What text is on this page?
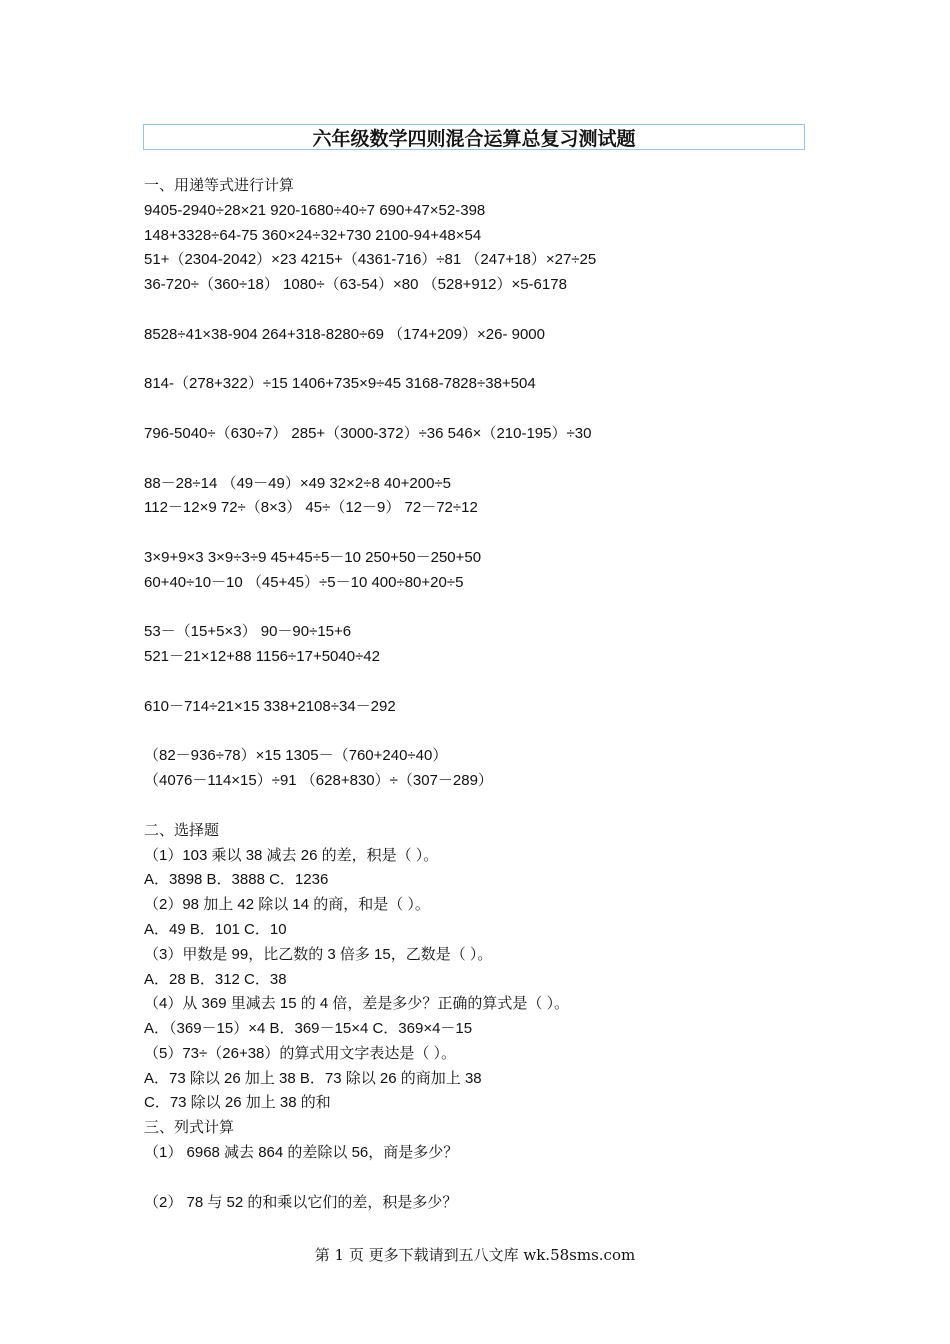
六年级数学四则混合运算总复习测试题
一、用递等式进行计算
9405-2940÷28×21 920-1680÷40÷7 690+47×52-398
148+3328÷64-75 360×24÷32+730 2100-94+48×54
51+（2304-2042）×23 4215+（4361-716）÷81 （247+18）×27÷25
36-720÷（360÷18） 1080÷（63-54）×80 （528+912）×5-6178
8528÷41×38-904 264+318-8280÷69 （174+209）×26- 9000
814-（278+322）÷15 1406+735×9÷45 3168-7828÷38+504
796-5040÷（630÷7） 285+（3000-372）÷36 546×（210-195）÷30
88－28÷14 （49－49）×49 32×2÷8 40+200÷5
112－12×9 72÷（8×3） 45÷（12－9） 72－72÷12
3×9+9×3 3×9÷3÷9 45+45÷5－10 250+50－250+50
60+40÷10－10 （45+45）÷5－10 400÷80+20÷5
53－（15+5×3） 90－90÷15+6
521－21×12+88 1156÷17+5040÷42
610－714÷21×15 338+2108÷34－292
（82－936÷78）×15 1305－（760+240÷40）
（4076－114×15）÷91 （628+830）÷（307－289）
二、选择题
（1）103 乘以 38 减去 26 的差，积是（ ）。
A．3898 B．3888 C．1236
（2）98 加上 42 除以 14 的商，和是（ ）。
A．49 B．101 C．10
（3）甲数是 99，比乙数的 3 倍多 15，乙数是（ ）。
A．28 B．312 C．38
（4）从 369 里减去 15 的 4 倍，差是多少？正确的算式是（ ）。
A．（369－15）×4 B．369－15×4 C．369×4－15
（5）73÷（26+38）的算式用文字表达是（ ）。
A．73 除以 26 加上 38 B．73 除以 26 的商加上 38
C．73 除以 26 加上 38 的和
三、列式计算
（1） 6968 减去 864 的差除以 56，商是多少？
（2） 78 与 52 的和乘以它们的差，积是多少？
第 1 页 更多下载请到五八文库 wk.58sms.com
